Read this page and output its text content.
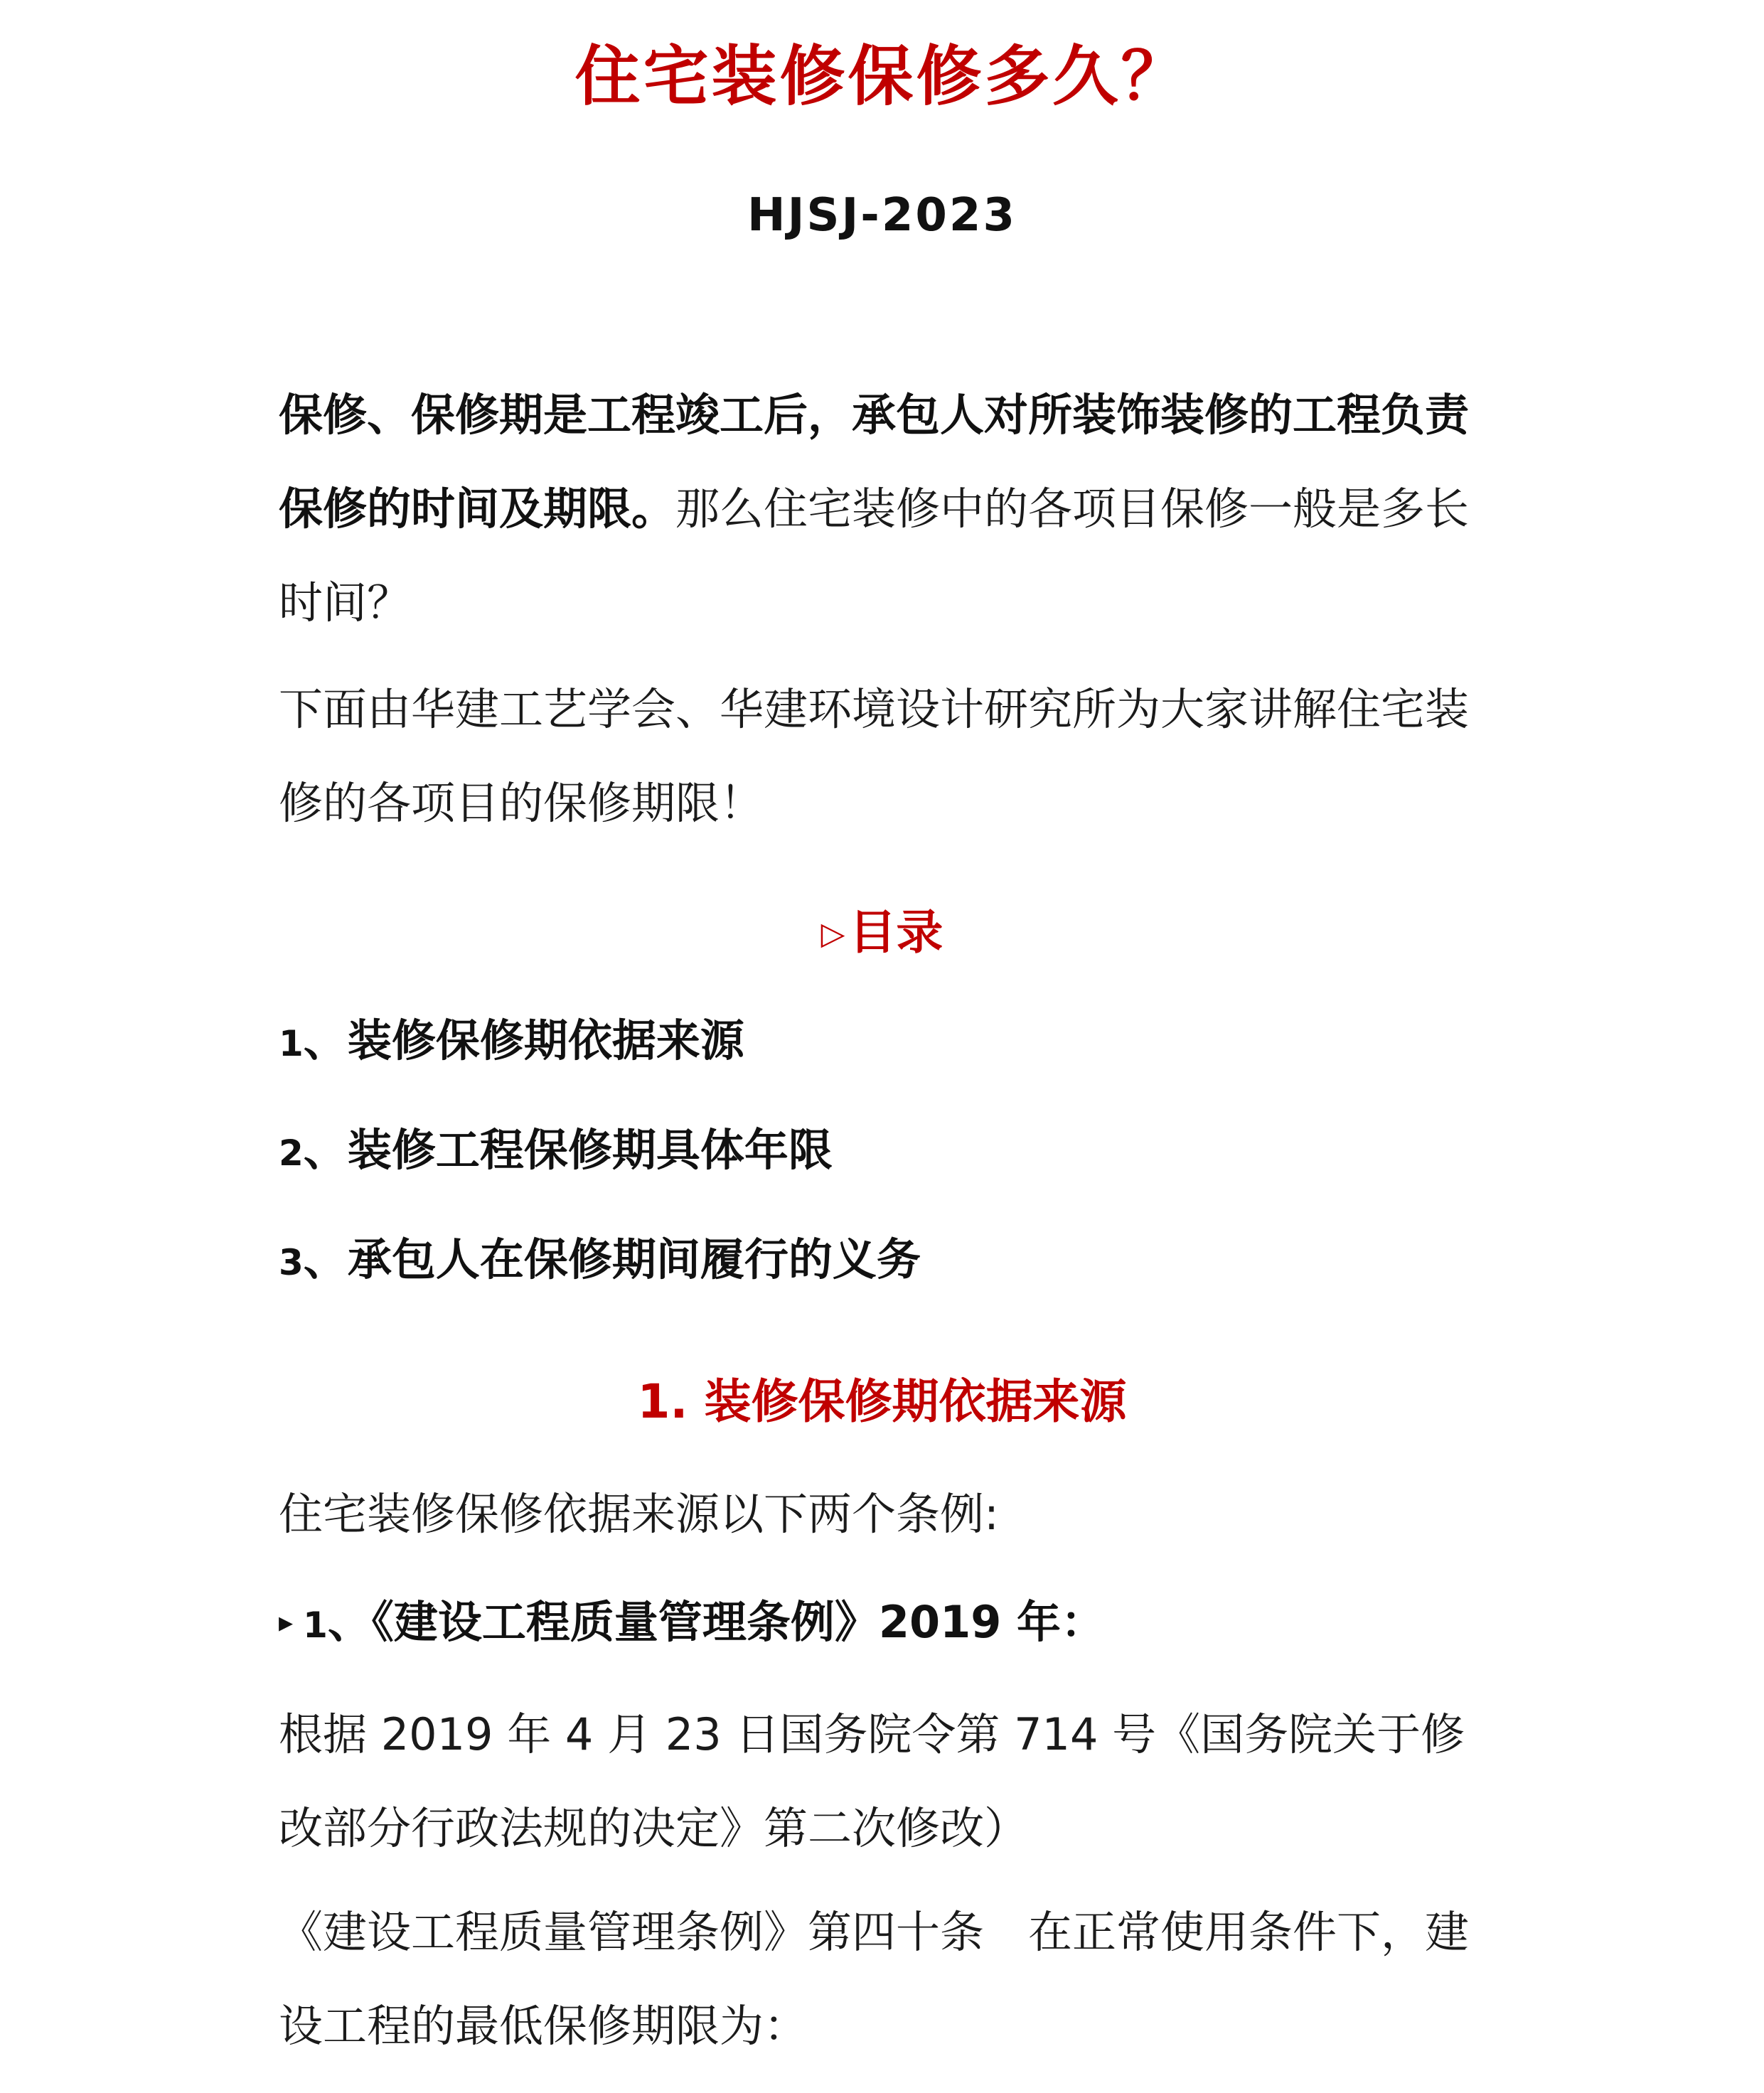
住宅装修保修多久？
HJSJ-2023

保修、保修期是工程竣工后，承包人对所装饰装修的工程负责保修的时间及期限。那么住宅装修中的各项目保修一般是多长时间？

下面由华建工艺学会、华建环境设计研究所为大家讲解住宅装修的各项目的保修期限！

▷目录
1、装修保修期依据来源
2、装修工程保修期具体年限
3、承包人在保修期间履行的义务
1. 装修保修期依据来源
住宅装修保修依据来源以下两个条例:
▸ 1、《建设工程质量管理条例》2019 年：
根据 2019 年 4 月 23 日国务院令第 714 号《国务院关于修改部分行政法规的决定》第二次修改）
《建设工程质量管理条例》第四十条　在正常使用条件下，建设工程的最低保修期限为：
